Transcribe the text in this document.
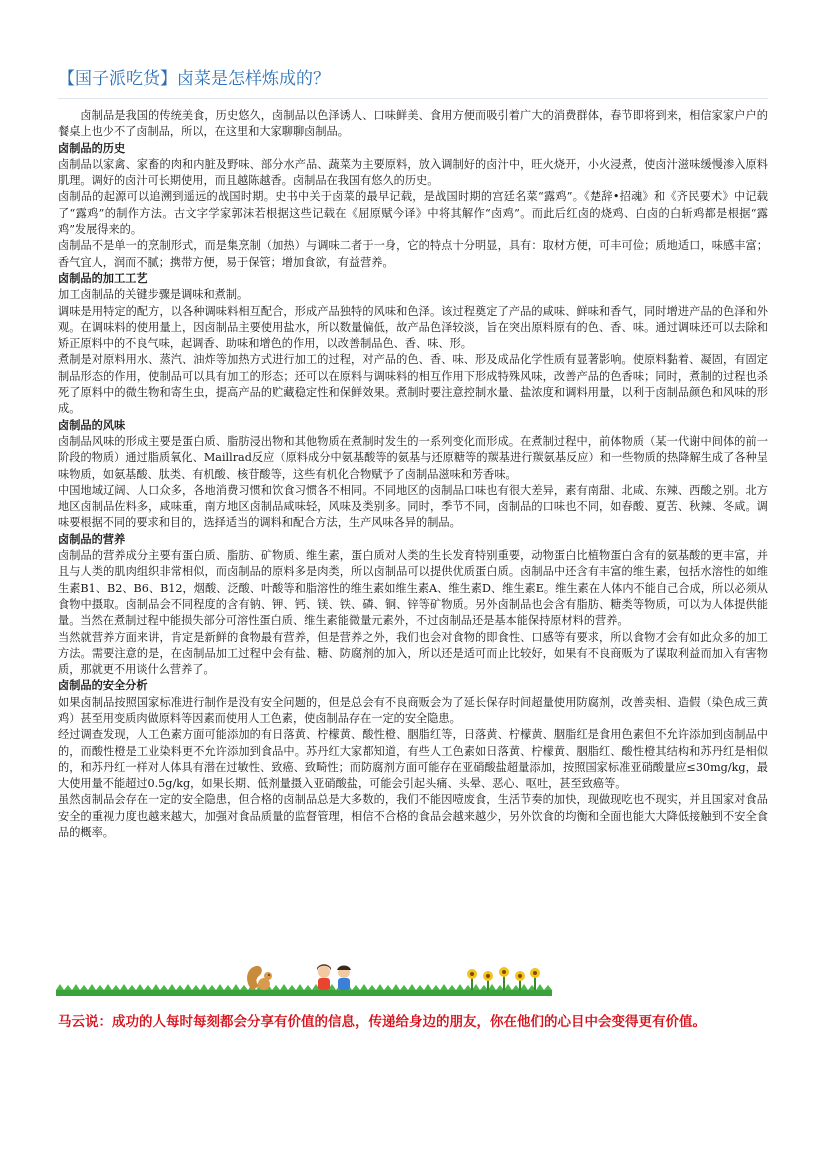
【国子派吃货】卤菜是怎样炼成的？

卤制品是我国的传统美食，历史悠久，卤制品以色泽诱人、口味鲜美、食用方便而吸引着广大的消费群体，春节即将到来，相信家家户户的餐桌上也少不了卤制品，所以，在这里和大家聊聊卤制品。

卤制品的历史

卤制品以家禽、家畜的肉和内脏及野味、部分水产品、蔬菜为主要原料，放入调制好的卤汁中，旺火烧开，小火浸煮，使卤汁滋味缓慢渗入原料肌理。调好的卤汁可长期使用，而且越陈越香。卤制品在我国有悠久的历史。

卤制品的起源可以追溯到遥远的战国时期。史书中关于卤菜的最早记载，是战国时期的宫廷名菜“露鸡”。《楚辞•招魂》和《齐民要术》中记载了“露鸡”的制作方法。古文字学家郭沫若根据这些记载在《屈原赋今译》中将其解作“卤鸡”。而此后红卤的烧鸡、白卤的白斩鸡都是根据“露鸡”发展得来的。

卤制品不是单一的烹制形式，而是集烹制（加热）与调味二者于一身，它的特点十分明显，具有：取材方便，可丰可俭；质地适口，味感丰富；香气宜人，润而不腻；携带方便，易于保管；增加食欲，有益营养。

卤制品的加工工艺

加工卤制品的关键步骤是调味和煮制。

调味是用特定的配方，以各种调味料相互配合，形成产品独特的风味和色泽。该过程奠定了产品的咸味、鲜味和香气，同时增进产品的色泽和外观。在调味料的使用量上，因卤制品主要使用盐水，所以数量偏低，故产品色泽较淡，旨在突出原料原有的色、香、味。通过调味还可以去除和矫正原料中的不良气味，起调香、助味和增色的作用，以改善制品色、香、味、形。

煮制是对原料用水、蒸汽、油炸等加热方式进行加工的过程，对产品的色、香、味、形及成品化学性质有显著影响。使原料黏着、凝固，有固定制品形态的作用，使制品可以具有加工的形态；还可以在原料与调味料的相互作用下形成特殊风味，改善产品的色香味；同时，煮制的过程也杀死了原料中的微生物和寄生虫，提高产品的贮藏稳定性和保鲜效果。煮制时要注意控制水量、盐浓度和调料用量，以利于卤制品颜色和风味的形成。

卤制品的风味

卤制品风味的形成主要是蛋白质、脂肪浸出物和其他物质在煮制时发生的一系列变化而形成。在煮制过程中，前体物质（某一代谢中间体的前一阶段的物质）通过脂质氧化、Maillrad反应（原料成分中氨基酸等的氨基与还原糖等的羰基进行羰氨基反应）和一些物质的热降解生成了各种呈味物质，如氨基酸、肽类、有机酸、核苷酸等，这些有机化合物赋予了卤制品滋味和芳香味。

中国地域辽阔、人口众多，各地消费习惯和饮食习惯各不相同。不同地区的卤制品口味也有很大差异，素有南甜、北咸、东辣、西酸之别。北方地区卤制品佐料多，咸味重，南方地区卤制品咸味轻，风味及类别多。同时，季节不同，卤制品的口味也不同，如春酸、夏苦、秋辣、冬咸。调味要根据不同的要求和目的，选择适当的调料和配合方法，生产风味各异的制品。

卤制品的营养

卤制品的营养成分主要有蛋白质、脂肪、矿物质、维生素，蛋白质对人类的生长发育特别重要，动物蛋白比植物蛋白含有的氨基酸的更丰富，并且与人类的肌肉组织非常相似，而卤制品的原料多是肉类，所以卤制品可以提供优质蛋白质。卤制品中还含有丰富的维生素，包括水溶性的如维生素B1、B2、B6、B12，烟酸、泛酸、叶酸等和脂溶性的维生素如维生素A、维生素D、维生素E。维生素在人体内不能自己合成，所以必须从食物中摄取。卤制品会不同程度的含有钠、钾、钙、镁、铁、磷、铜、锌等矿物质。另外卤制品也会含有脂肪、糖类等物质，可以为人体提供能量。当然在煮制过程中能损失部分可溶性蛋白质、维生素能微量元素外，不过卤制品还是基本能保持原材料的营养。

当然就营养方面来讲，肯定是新鲜的食物最有营养，但是营养之外，我们也会对食物的即食性、口感等有要求，所以食物才会有如此众多的加工方法。需要注意的是，在卤制品加工过程中会有盐、糖、防腐剂的加入，所以还是适可而止比较好，如果有不良商贩为了谋取利益而加入有害物质，那就更不用谈什么营养了。

卤制品的安全分析

如果卤制品按照国家标准进行制作是没有安全问题的，但是总会有不良商贩会为了延长保存时间超量使用防腐剂，改善卖相、造假（染色成三黄鸡）甚至用变质肉做原料等因素而使用人工色素，使卤制品存在一定的安全隐患。

经过调查发现，人工色素方面可能添加的有日落黄、柠檬黄、酸性橙、胭脂红等，日落黄、柠檬黄、胭脂红是食用色素但不允许添加到卤制品中的，而酸性橙是工业染料更不允许添加到食品中。苏丹红大家都知道，有些人工色素如日落黄、柠檬黄、胭脂红、酸性橙其结构和苏丹红是相似的，和苏丹红一样对人体具有潜在过敏性、致癌、致畸性；而防腐剂方面可能存在亚硝酸盐超量添加，按照国家标准亚硝酸量应≤30mg/kg，最大使用量不能超过0.5g/kg，如果长期、低剂量摄入亚硝酸盐，可能会引起头痛、头晕、恶心、呕吐，甚至致癌等。

虽然卤制品会存在一定的安全隐患，但合格的卤制品总是大多数的，我们不能因噎废食，生活节奏的加快，现做现吃也不现实，并且国家对食品安全的重视力度也越来越大，加强对食品质量的监督管理，相信不合格的食品会越来越少，另外饮食的均衡和全面也能大大降低接触到不安全食品的概率。

马云说：成功的人每时每刻都会分享有价值的信息，传递给身边的朋友，你在他们的心目中会变得更有价值。
